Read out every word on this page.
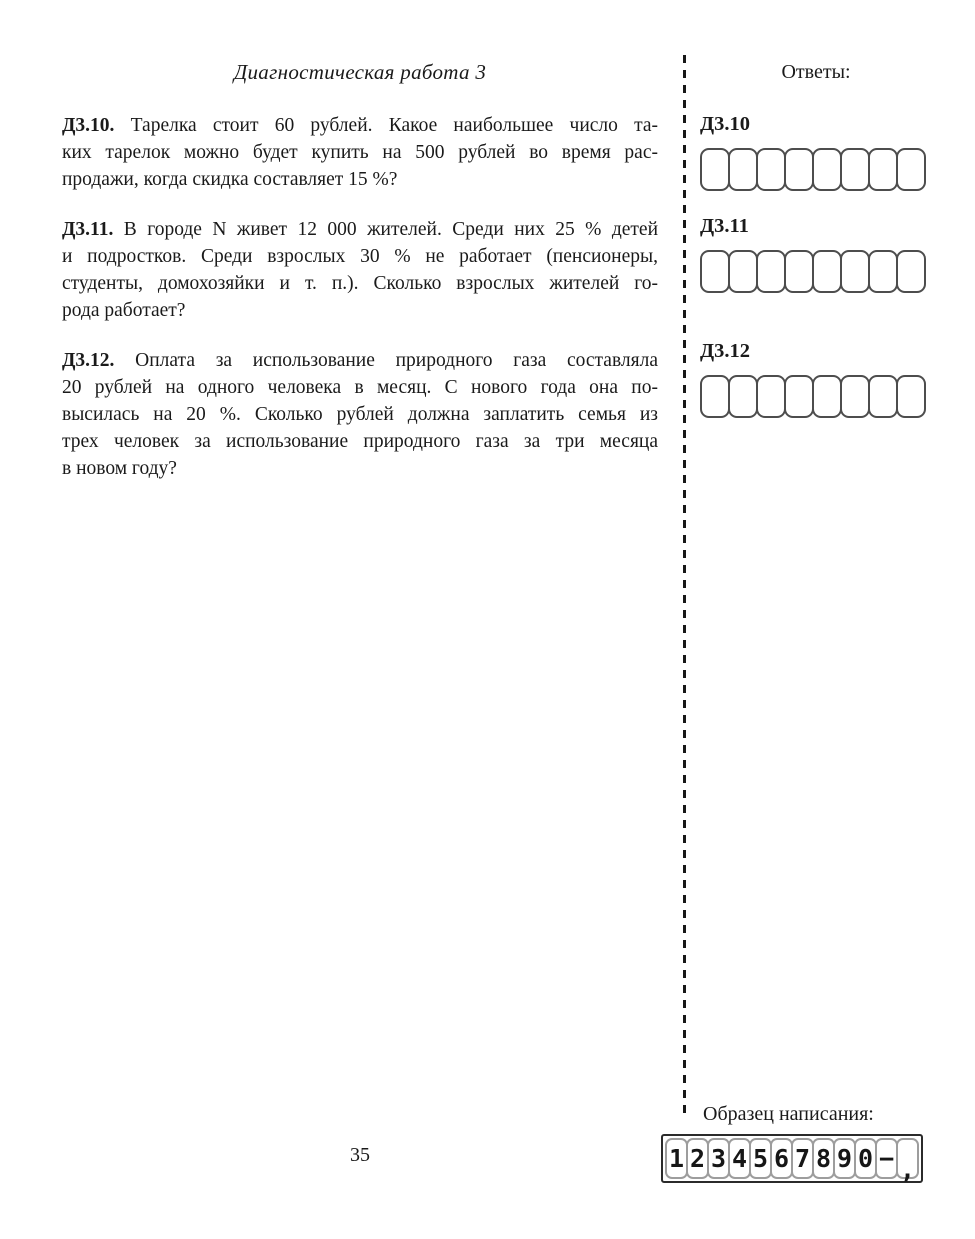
Диагностическая работа 3	Ответы:
Д3.10. Тарелка стоит 60 рублей. Какое наибольшее число та-
ких тарелок можно будет купить на 500 рублей во время рас-
продажи, когда скидка составляет 15 %?
Д3.11. В городе N живет 12 000 жителей. Среди них 25 % детей
и подростков. Среди взрослых 30 % не работает (пенсионеры,
студенты, домохозяйки и т. п.). Сколько взрослых жителей го-
рода работает?
Д3.12. Оплата за использование природного газа составляла
20 рублей на одного человека в месяц. С нового года она по-
высилась на 20 %. Сколько рублей должна заплатить семья из
трех человек за использование природного газа за три месяца
в новом году?
Д3.10
Д3.11
Д3.12
Образец написания:
1 2 3 4 5 6 7 8 9 0 − ,
35
